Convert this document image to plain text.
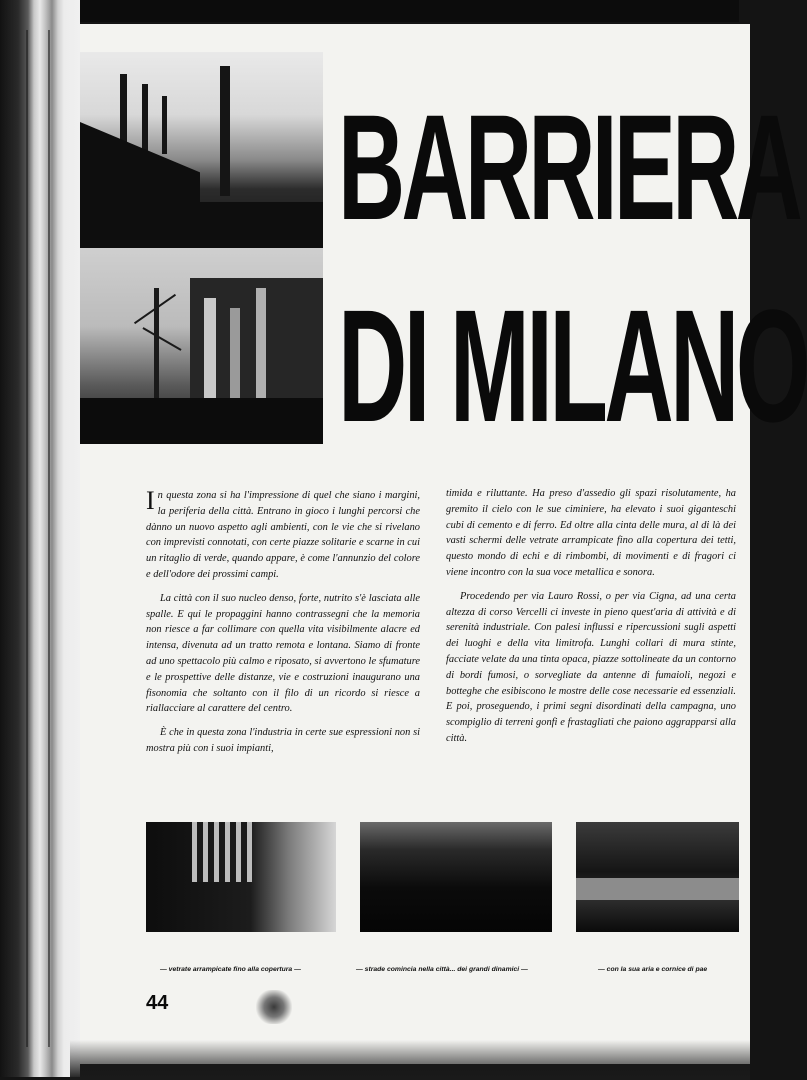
BARRIERA
DI MILANO

In questa zona si ha l'impressione di quel che siano i margini, la periferia della città. Entrano in gioco i lunghi percorsi che dànno un nuovo aspetto agli ambienti, con le vie che si rivelano con imprevisti connotati, con certe piazze solitarie e scarne in cui un ritaglio di verde, quando appare, è come l'annunzio del colore e dell'odore dei prossimi campi.

La città con il suo nucleo denso, forte, nutrito s'è lasciata alle spalle. E qui le propaggini hanno contrassegni che la memoria non riesce a far collimare con quella vita visibilmente alacre ed intensa, divenuta ad un tratto remota e lontana. Siamo di fronte ad uno spettacolo più calmo e riposato, si avvertono le sfumature e le prospettive delle distanze, vie e costruzioni inaugurano una fisonomia che soltanto con il filo di un ricordo si riesce a riallacciare al carattere del centro.

È che in questa zona l'industria in certe sue espressioni non si mostra più con i suoi impianti,

timida e riluttante. Ha preso d'assedio gli spazi risolutamente, ha gremito il cielo con le sue ciminiere, ha elevato i suoi giganteschi cubi di cemento e di ferro. Ed oltre alla cinta delle mura, al di là dei vasti schermi delle vetrate arrampicate fino alla copertura dei tetti, questo mondo di echi e di rimbombi, di movimenti e di fragori ci viene incontro con la sua voce metallica e sonora.

Procedendo per via Lauro Rossi, o per via Cigna, ad una certa altezza di corso Vercelli ci investe in pieno quest'aria di attività e di serenità industriale. Con palesi influssi e ripercussioni sugli aspetti dei luoghi e della vita limitrofa. Lunghi collari di mura stinte, facciate velate da una tinta opaca, piazze sottolineate da un contorno di bordi fumosi, o sorvegliate da antenne di fumaioli, negozi e botteghe che esibiscono le mostre delle cose necessarie ed essenziali. E poi, proseguendo, i primi segni disordinati della campagna, uno scompiglio di terreni gonfi e frastagliati che paiono aggrapparsi alla città.

— vetrate arrampicate fino alla copertura —	— strade comincia nella città... dei grandi dinamici —	— con la sua aria e cornice di pae
44
